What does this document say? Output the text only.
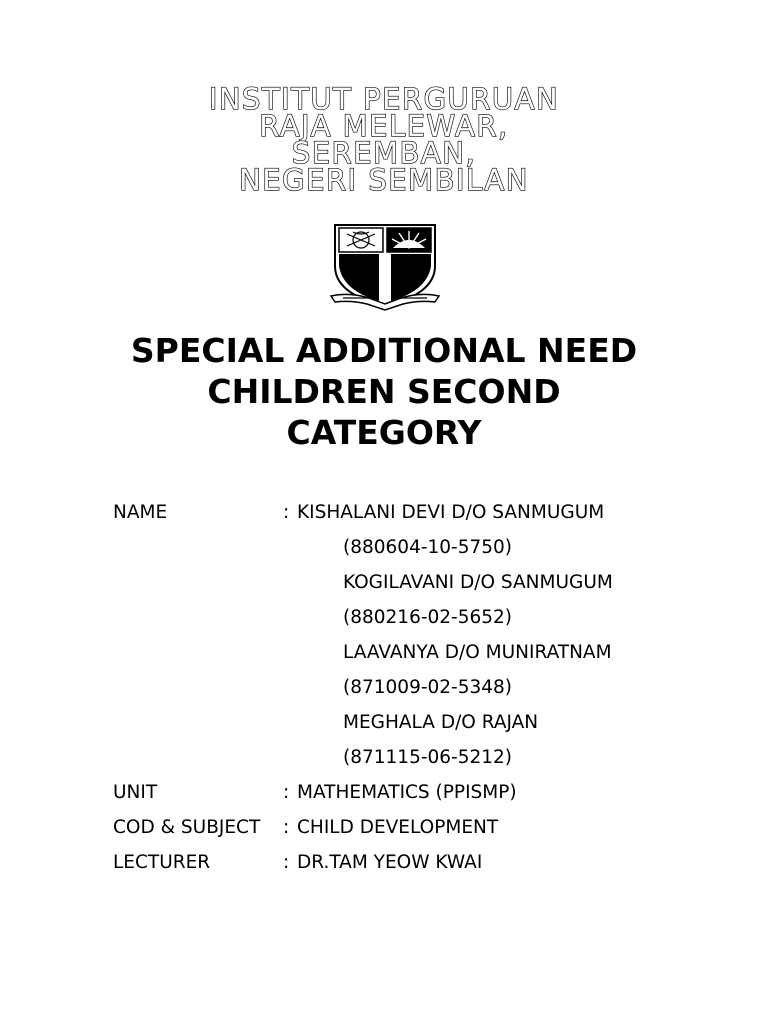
INSTITUT PERGURUAN
RAJA MELEWAR,
SEREMBAN,
NEGERI SEMBILAN
SPECIAL ADDITIONAL NEED
CHILDREN SECOND
CATEGORY
NAME	: KISHALANI DEVI D/O SANMUGUM
(880604-10-5750)
KOGILAVANI D/O SANMUGUM
(880216-02-5652)
LAAVANYA D/O MUNIRATNAM
(871009-02-5348)
MEGHALA D/O RAJAN
(871115-06-5212)
UNIT	: MATHEMATICS (PPISMP)
COD & SUBJECT : CHILD DEVELOPMENT
LECTURER	: DR.TAM YEOW KWAI
